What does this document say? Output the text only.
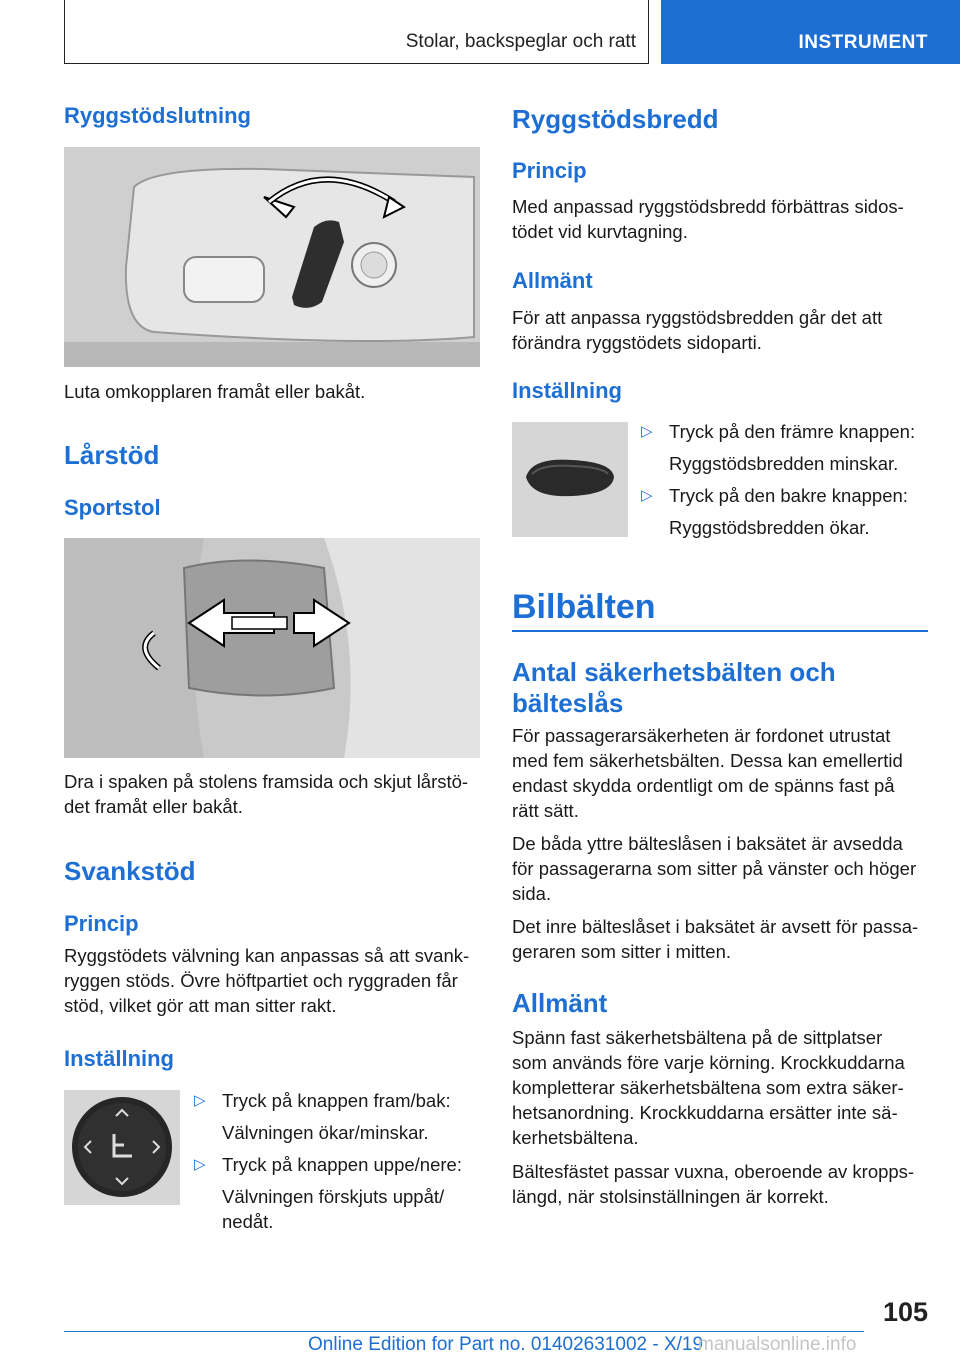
Stolar, backspeglar och ratt	INSTRUMENT
Ryggstödslutning

Luta omkopplaren framåt eller bakåt.

Lårstöd
Sportstol

Dra i spaken på stolens framsida och skjut lårstö-

det framåt eller bakåt.

Svankstöd
Princip

Ryggstödets välvning kan anpassas så att svank-

ryggen stöds. Övre höftpartiet och ryggraden får

stöd, vilket gör att man sitter rakt.

Inställning
▷ Tryck på knappen fram/bak:
Välvningen ökar/minskar.
▷ Tryck på knappen uppe/nere:
Välvningen förskjuts uppåt/
nedåt.
Ryggstödsbredd
Princip

Med anpassad ryggstödsbredd förbättras sidos-

tödet vid kurvtagning.

Allmänt

För att anpassa ryggstödsbredden går det att

förändra ryggstödets sidoparti.

Inställning
▷ Tryck på den främre knappen:
Ryggstödsbredden minskar.
▷ Tryck på den bakre knappen:
Ryggstödsbredden ökar.
Bilbälten
Antal säkerhetsbälten och
bälteslås
För passagerarsäkerheten är fordonet utrustat
med fem säkerhetsbälten. Dessa kan emellertid
endast skydda ordentligt om de spänns fast på
rätt sätt.
De båda yttre bälteslåsen i baksätet är avsedda
för passagerarna som sitter på vänster och höger
sida.
Det inre bälteslåset i baksätet är avsett för passa-
geraren som sitter i mitten.
Allmänt
Spänn fast säkerhetsbältena på de sittplatser
som används före varje körning. Krockkuddarna
kompletterar säkerhetsbältena som extra säker-
hetsanordning. Krockkuddarna ersätter inte sä-
kerhetsbältena.
Bältesfästet passar vuxna, oberoende av kropps-
längd, när stolsinställningen är korrekt.
105
Online Edition for Part no. 01402631002 - X/19
manualsonline.info
